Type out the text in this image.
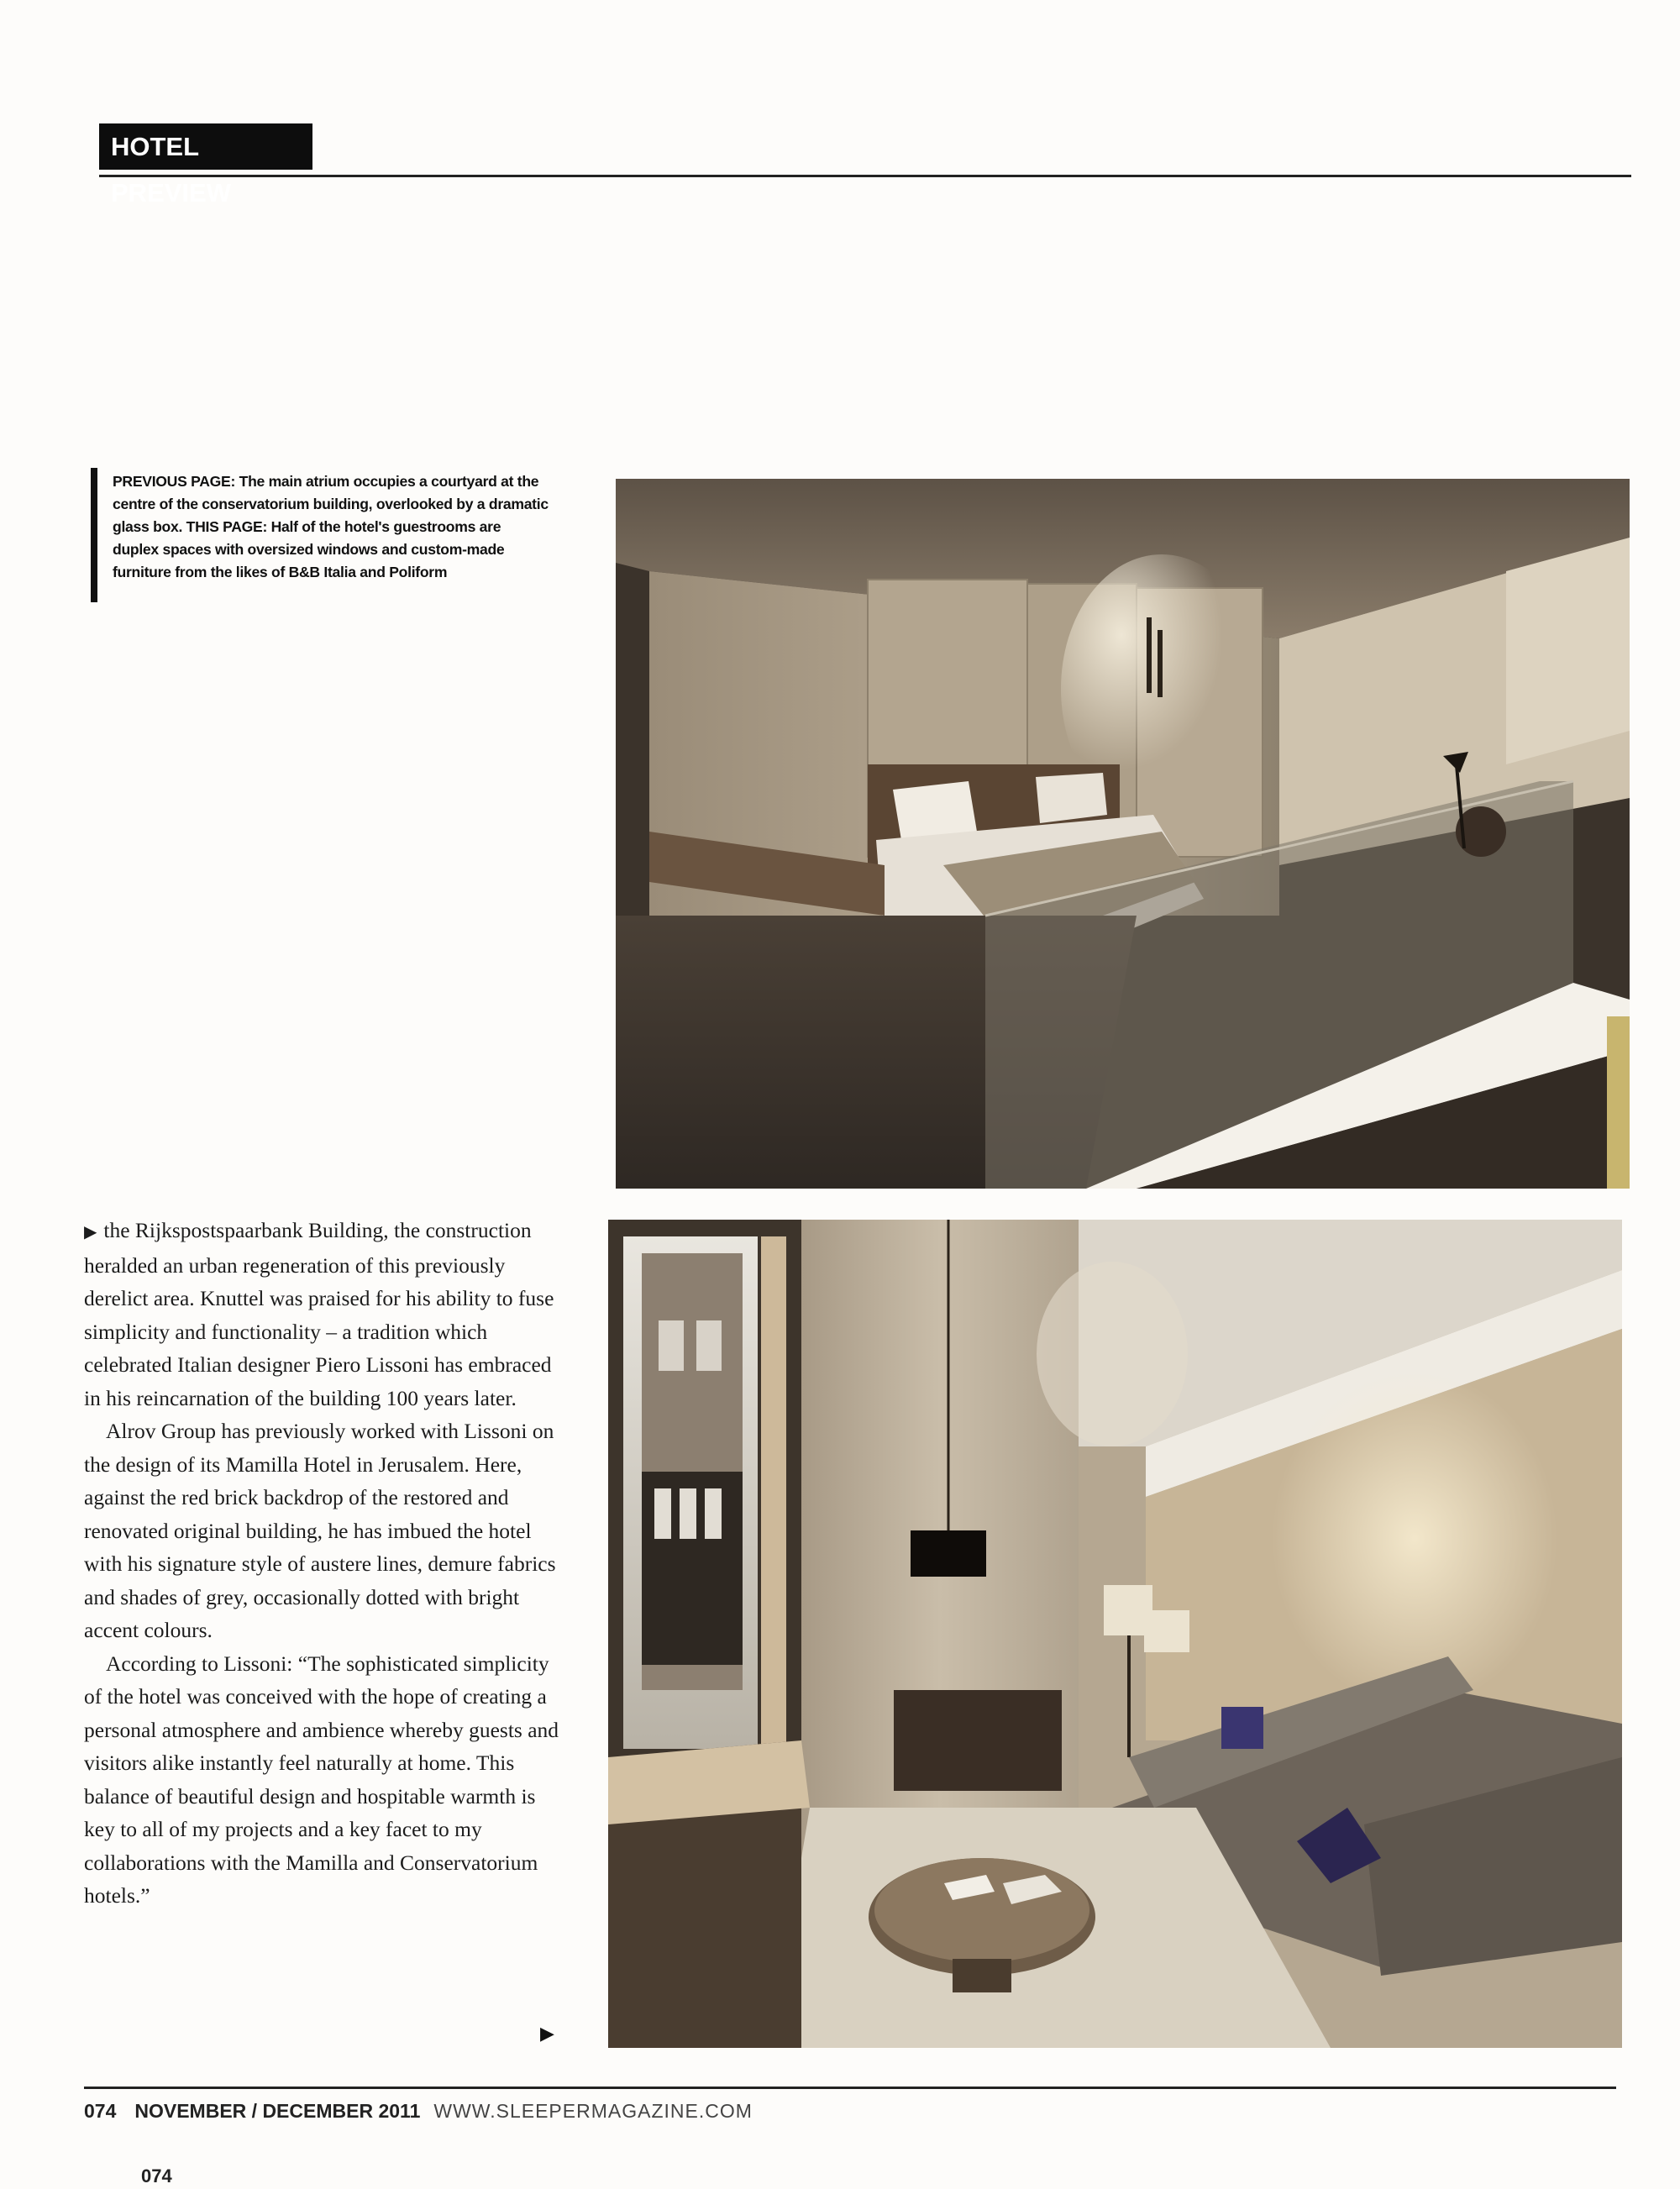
HOTEL PREVIEW
PREVIOUS PAGE: The main atrium occupies a courtyard at the centre of the conservatorium building, overlooked by a dramatic glass box. THIS PAGE: Half of the hotel's guestrooms are duplex spaces with oversized windows and custom-made furniture from the likes of B&B Italia and Poliform

▶ the Rijkspostspaarbank Building, the construction heralded an urban regeneration of this previously derelict area. Knuttel was praised for his ability to fuse simplicity and functionality – a tradition which celebrated Italian designer Piero Lissoni has embraced in his reincarnation of the building 100 years later.

Alrov Group has previously worked with Lissoni on the design of its Mamilla Hotel in Jerusalem. Here, against the red brick backdrop of the restored and renovated original building, he has imbued the hotel with his signature style of austere lines, demure fabrics and shades of grey, occasionally dotted with bright accent colours.

According to Lissoni: “The sophisticated simplicity of the hotel was conceived with the hope of creating a personal atmosphere and ambience whereby guests and visitors alike instantly feel naturally at home. This balance of beautiful design and hospitable warmth is key to all of my projects and a key facet to my collaborations with the Mamilla and Conservatorium hotels.”

▶
074 NOVEMBER / DECEMBER 2011 WWW.SLEEPERMAGAZINE.COM
074
